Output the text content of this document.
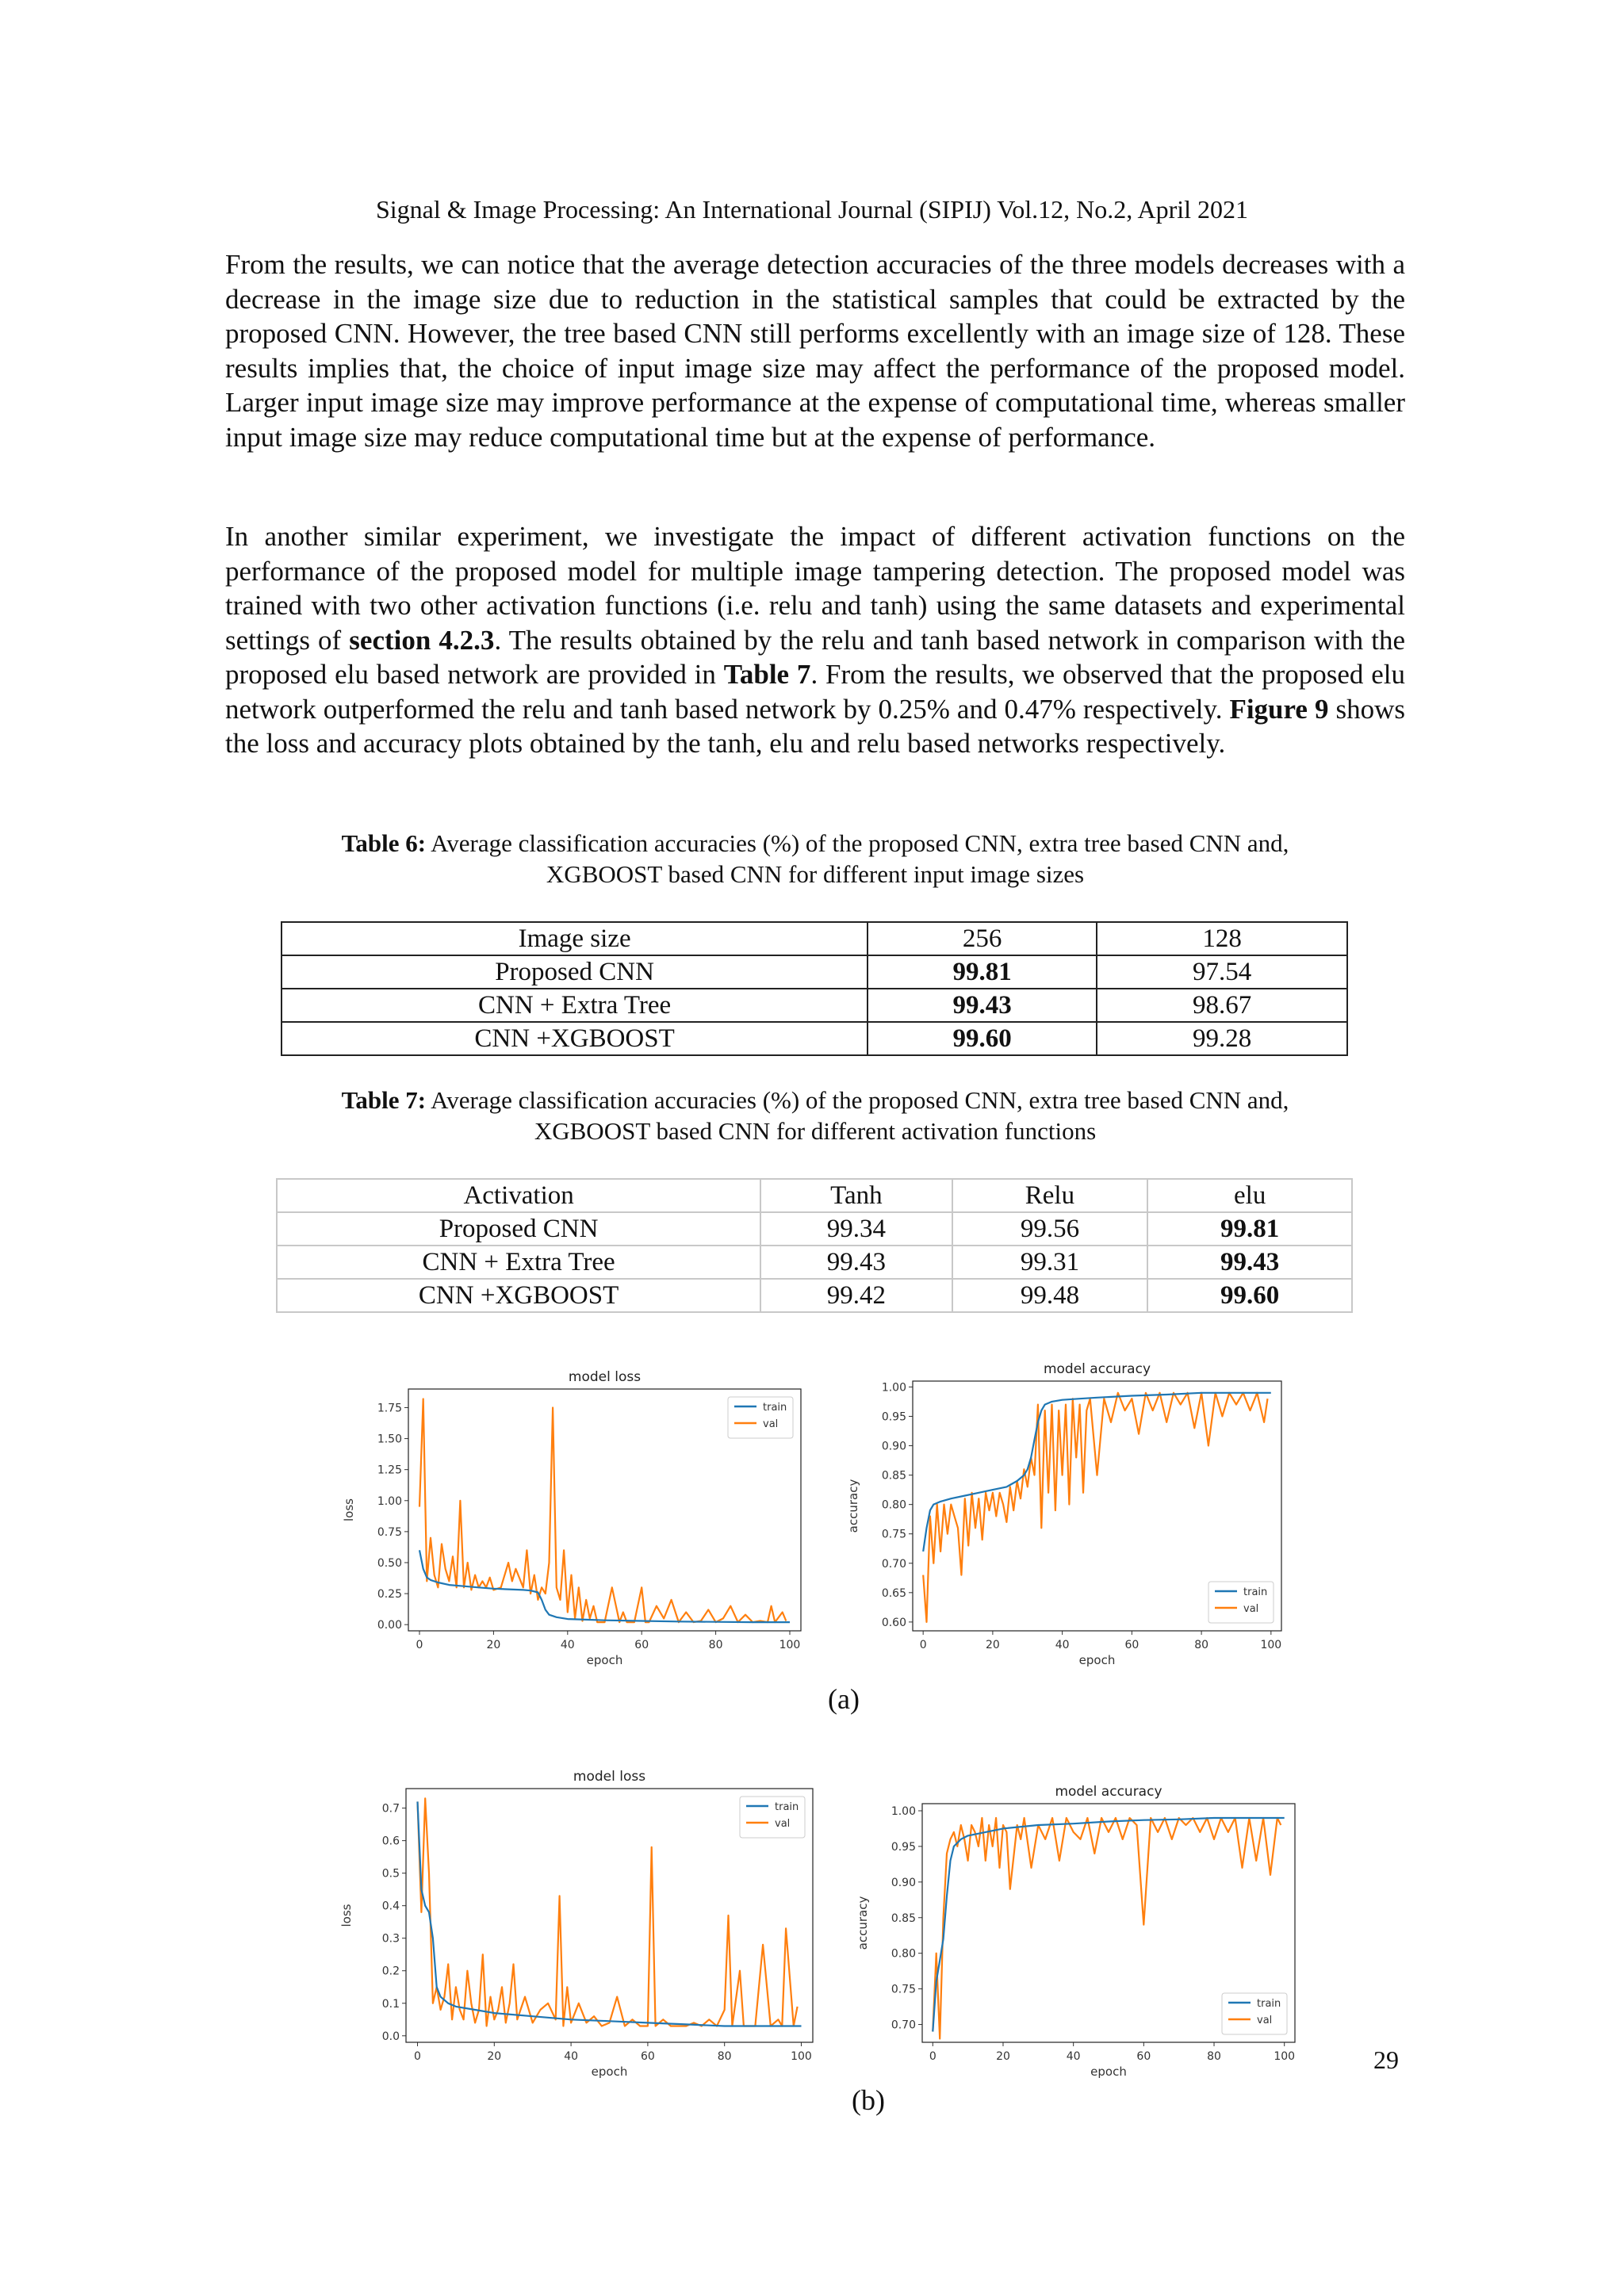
Signal & Image Processing: An International Journal (SIPIJ) Vol.12, No.2, April 2021

From the results, we can notice that the average detection accuracies of the three models decreases with a decrease in the image size due to reduction in the statistical samples that could be extracted by the proposed CNN. However, the tree based CNN still performs excellently with an image size of 128. These results implies that, the choice of input image size may affect the performance of the proposed model. Larger input image size may improve performance at the expense of computational time, whereas smaller input image size may reduce computational time but at the expense of performance.

In another similar experiment, we investigate the impact of different activation functions on the performance of the proposed model for multiple image tampering detection. The proposed model was trained with two other activation functions (i.e. relu and tanh) using the same datasets and experimental settings of section 4.2.3. The results obtained by the relu and tanh based network in comparison with the proposed elu based network are provided in Table 7. From the results, we observed that the proposed elu network outperformed the relu and tanh based network by 0.25% and 0.47% respectively. Figure 9 shows the loss and accuracy plots obtained by the tanh, elu and relu based networks respectively.

Table 6: Average classification accuracies (%) of the proposed CNN, extra tree based CNN and,
XGBOOST based CNN for different input image sizes
Image size	256	128
Proposed CNN	99.81	97.54
CNN + Extra Tree	99.43	98.67
CNN +XGBOOST	99.60	99.28
Table 7: Average classification accuracies (%) of the proposed CNN, extra tree based CNN and,
XGBOOST based CNN for different activation functions
Activation	Tanh	Relu	elu
Proposed CNN	99.34	99.56	99.81
CNN + Extra Tree	99.43	99.31	99.43
CNN +XGBOOST	99.42	99.48	99.60
model loss
0	20	40	60	80	100
0.00
0.25
0.50
0.75
1.00
1.25
1.50
1.75
epoch
loss
train
val
model accuracy
0	20	40	60	80	100
0.60
0.65
0.70
0.75
0.80
0.85
0.90
0.95
1.00
epoch
accuracy
train
val
(a)
model loss
0	20	40	60	80	100
0.0
0.1
0.2
0.3
0.4
0.5
0.6
0.7
epoch
loss
train
val
model accuracy
0	20	40	60	80	100
0.70
0.75
0.80
0.85
0.90
0.95
1.00
epoch
accuracy
train
val
29
(b)
